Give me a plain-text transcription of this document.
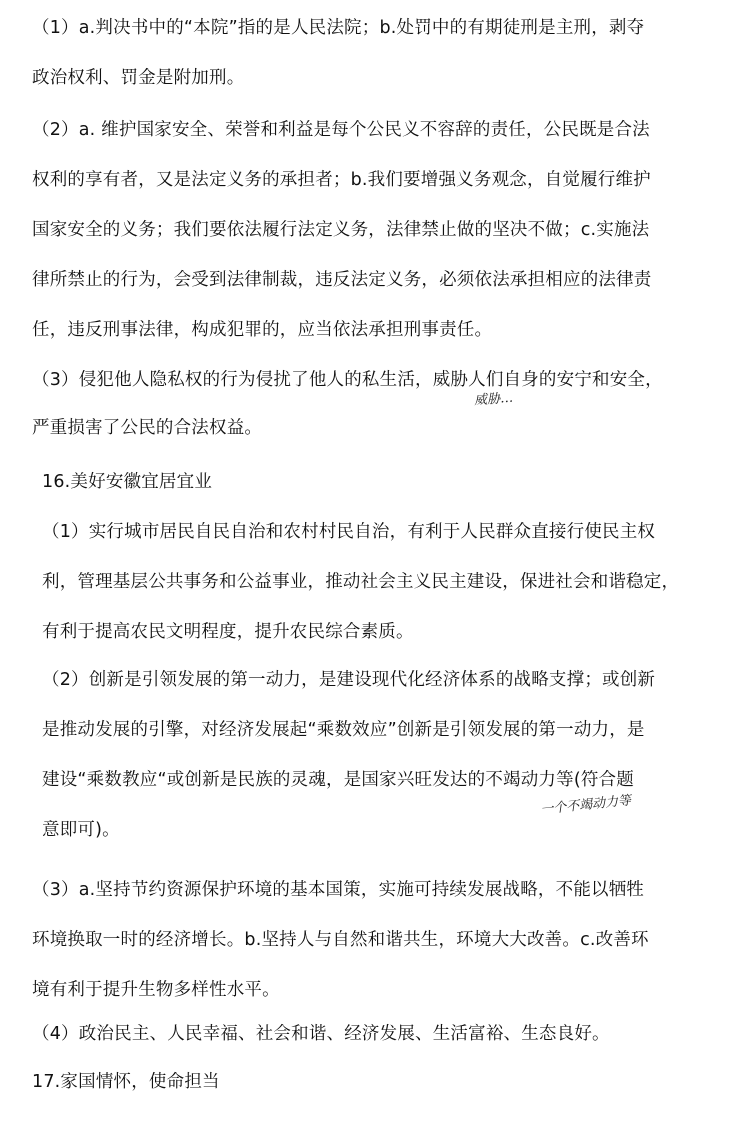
（1）a.判决书中的“本院”指的是人民法院；b.处罚中的有期徒刑是主刑，剥夺
政治权利、罚金是附加刑。
（2）a. 维护国家安全、荣誉和利益是每个公民义不容辞的责任，公民既是合法
权利的享有者，又是法定义务的承担者；b.我们要增强义务观念，自觉履行维护
国家安全的义务；我们要依法履行法定义务，法律禁止做的坚决不做；c.实施法
律所禁止的行为，会受到法律制裁，违反法定义务，必须依法承担相应的法律责
任，违反刑事法律，构成犯罪的，应当依法承担刑事责任。
（3）侵犯他人隐私权的行为侵扰了他人的私生活，威胁人们自身的安宁和安全，
威胁…
严重损害了公民的合法权益。
16.美好安徽宜居宜业
（1）实行城市居民自民自治和农村村民自治，有利于人民群众直接行使民主权
利，管理基层公共事务和公益事业，推动社会主义民主建设，保进社会和谐稳定，
有利于提高农民文明程度，提升农民综合素质。
（2）创新是引领发展的第一动力，是建设现代化经济体系的战略支撑；或创新
是推动发展的引擎，对经济发展起“乘数效应”创新是引领发展的第一动力，是
建设“乘数教应“或创新是民族的灵魂，是国家兴旺发达的不竭动力等(符合题
一个不竭动力等
意即可)。
（3）a.坚持节约资源保护环境的基本国策，实施可持续发展战略，不能以牺牲
环境换取一时的经济增长。b.坚持人与自然和谐共生，环境大大改善。c.改善环
境有利于提升生物多样性水平。
（4）政治民主、人民幸福、社会和谐、经济发展、生活富裕、生态良好。
17.家国情怀，使命担当
